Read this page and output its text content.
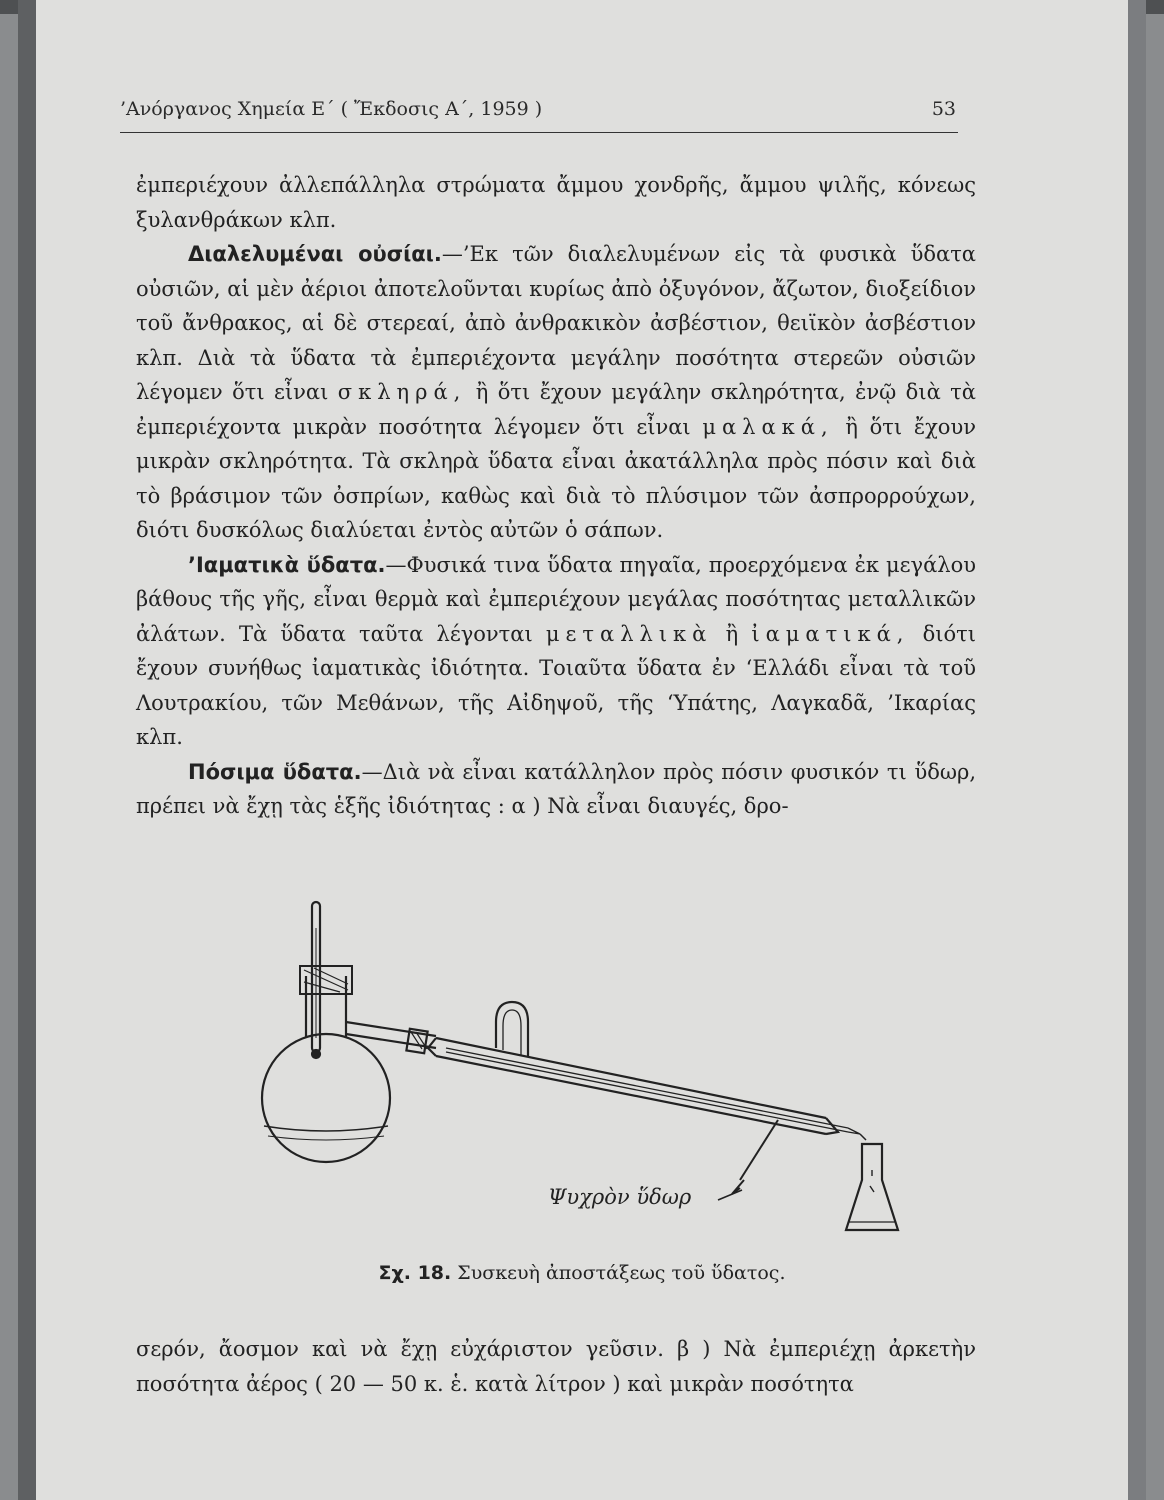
’Ανόργανος Χημεία Ε΄ ( Ἔκδοσις Α΄, 1959 )	53

ἐμπεριέχουν ἀλλεπάλληλα στρώματα ἄμμου χονδρῆς, ἄμμου ψιλῆς, κόνεως ξυλανθράκων κλπ.

Διαλελυμέναι οὐσίαι.—’Εκ τῶν διαλελυμένων εἰς τὰ φυσικὰ ὕδατα οὐσιῶν, αἱ μὲν ἀέριοι ἀποτελοῦνται κυρίως ἀπὸ ὀξυγόνον, ἄζωτον, διοξείδιον τοῦ ἄνθρακος, αἱ δὲ στερεαί, ἀπὸ ἀνθρακικὸν ἀσβέστιον, θειϊκὸν ἀσβέστιον κλπ. Διὰ τὰ ὕδατα τὰ ἐμπεριέχοντα μεγάλην ποσότητα στερεῶν οὐσιῶν λέγομεν ὅτι εἶναι σκληρά, ἢ ὅτι ἔχουν μεγάλην σκληρότητα, ἐνῷ διὰ τὰ ἐμπεριέχοντα μικρὰν ποσότητα λέγομεν ὅτι εἶναι μαλακά, ἢ ὅτι ἔχουν μικρὰν σκληρότητα. Τὰ σκληρὰ ὕδατα εἶναι ἀκατάλληλα πρὸς πόσιν καὶ διὰ τὸ βράσιμον τῶν ὀσπρίων, καθὼς καὶ διὰ τὸ πλύσιμον τῶν ἀσπρορρούχων, διότι δυσκόλως διαλύεται ἐντὸς αὐτῶν ὁ σάπων.

’Ιαματικὰ ὕδατα.—Φυσικά τινα ὕδατα πηγαῖα, προερχόμενα ἐκ μεγάλου βάθους τῆς γῆς, εἶναι θερμὰ καὶ ἐμπεριέχουν μεγάλας ποσότητας μεταλλικῶν ἀλάτων. Τὰ ὕδατα ταῦτα λέγονται μεταλλικὰ ἢ ἰαματικά, διότι ἔχουν συνήθως ἰαματικὰς ἰδιότητα. Τοιαῦτα ὕδατα ἐν ‘Ελλάδι εἶναι τὰ τοῦ Λουτρακίου, τῶν Μεθάνων, τῆς Αἰδηψοῦ, τῆς ‘Υπάτης, Λαγκαδᾶ, ’Ικαρίας κλπ.

Πόσιμα ὕδατα.—Διὰ νὰ εἶναι κατάλληλον πρὸς πόσιν φυσικόν τι ὕδωρ, πρέπει νὰ ἔχῃ τὰς ἑξῆς ἰδιότητας : α ) Νὰ εἶναι διαυγές, δρο-

Ψυχρὸν ὕδωρ
Σχ. 18. Συσκευὴ ἀποστάξεως τοῦ ὕδατος.

σερόν, ἄοσμον καὶ νὰ ἔχῃ εὐχάριστον γεῦσιν. β ) Νὰ ἐμπεριέχῃ ἀρκετὴν ποσότητα ἀέρος ( 20 — 50 κ. ἑ. κατὰ λίτρον ) καὶ μικρὰν ποσότητα
